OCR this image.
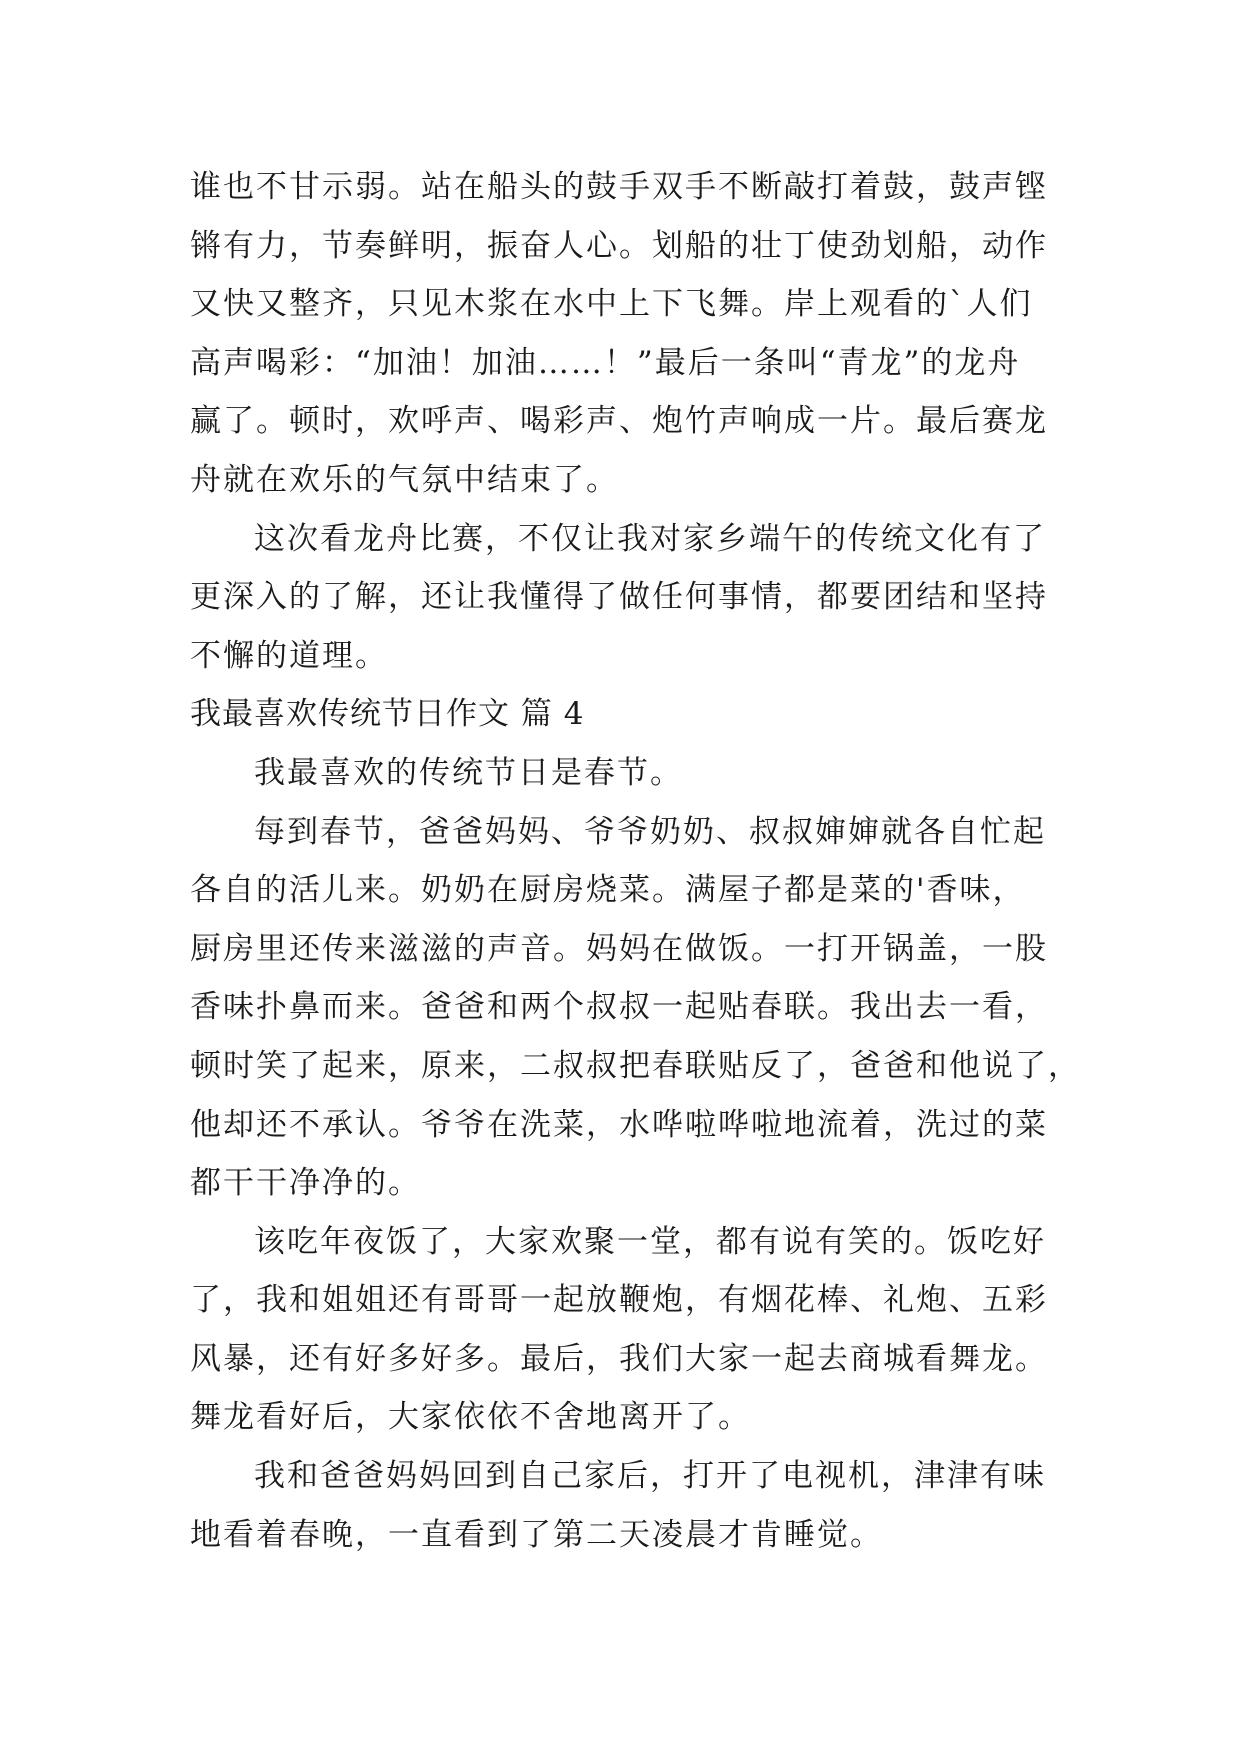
谁也不甘示弱。站在船头的鼓手双手不断敲打着鼓，鼓声铿
锵有力，节奏鲜明，振奋人心。划船的壮丁使劲划船，动作
又快又整齐，只见木浆在水中上下飞舞。岸上观看的`人们
高声喝彩：“加油！加油……！”最后一条叫“青龙”的龙舟
赢了。顿时，欢呼声、喝彩声、炮竹声响成一片。最后赛龙
舟就在欢乐的气氛中结束了。
这次看龙舟比赛，不仅让我对家乡端午的传统文化有了
更深入的了解，还让我懂得了做任何事情，都要团结和坚持
不懈的道理。
我最喜欢传统节日作文 篇 4
我最喜欢的传统节日是春节。
每到春节，爸爸妈妈、爷爷奶奶、叔叔婶婶就各自忙起
各自的活儿来。奶奶在厨房烧菜。满屋子都是菜的'香味，
厨房里还传来滋滋的声音。妈妈在做饭。一打开锅盖，一股
香味扑鼻而来。爸爸和两个叔叔一起贴春联。我出去一看，
顿时笑了起来，原来，二叔叔把春联贴反了，爸爸和他说了，
他却还不承认。爷爷在洗菜，水哗啦哗啦地流着，洗过的菜
都干干净净的。
该吃年夜饭了，大家欢聚一堂，都有说有笑的。饭吃好
了，我和姐姐还有哥哥一起放鞭炮，有烟花棒、礼炮、五彩
风暴，还有好多好多。最后，我们大家一起去商城看舞龙。
舞龙看好后，大家依依不舍地离开了。
我和爸爸妈妈回到自己家后，打开了电视机，津津有味
地看着春晚，一直看到了第二天凌晨才肯睡觉。
